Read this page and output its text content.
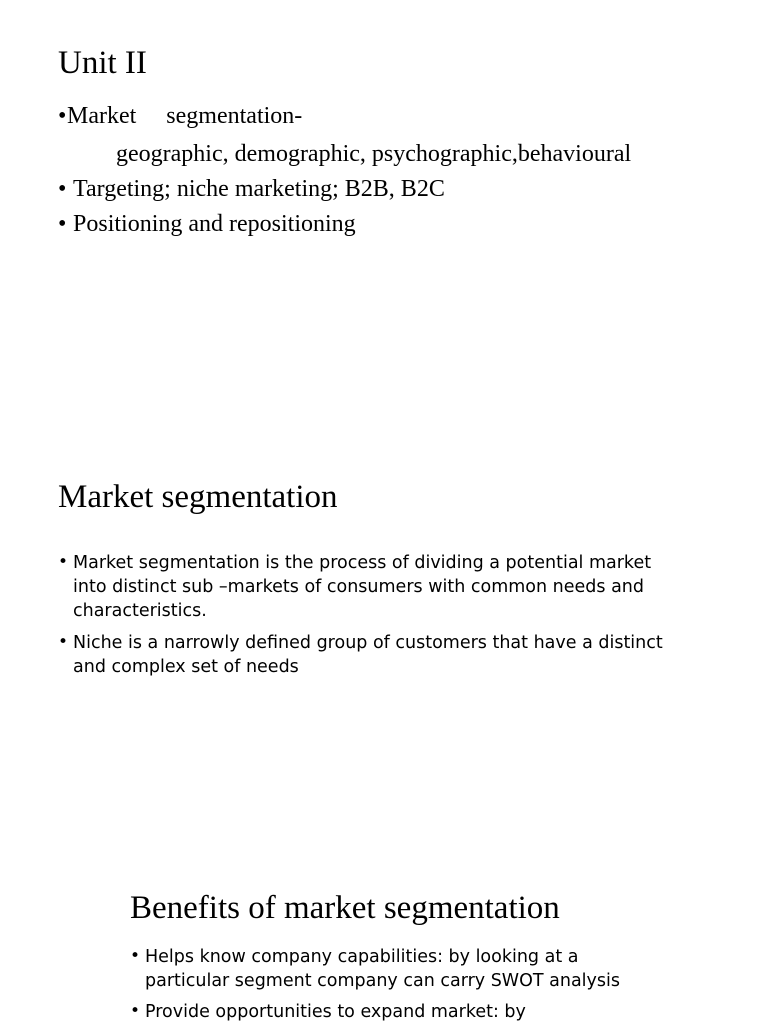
Unit II
• Market     segmentation-
geographic, demographic, psychographic,behavioural
• Targeting; niche marketing; B2B, B2C
• Positioning and repositioning
Market segmentation
• Market segmentation is the process of dividing a potential market
into distinct sub –markets of consumers with common needs and
characteristics.
• Niche is a narrowly defined group of customers that have a distinct
and complex set of needs
Benefits of market segmentation
• Helps know company capabilities: by looking at a
particular segment company can carry SWOT analysis
• Provide opportunities to expand market: by
